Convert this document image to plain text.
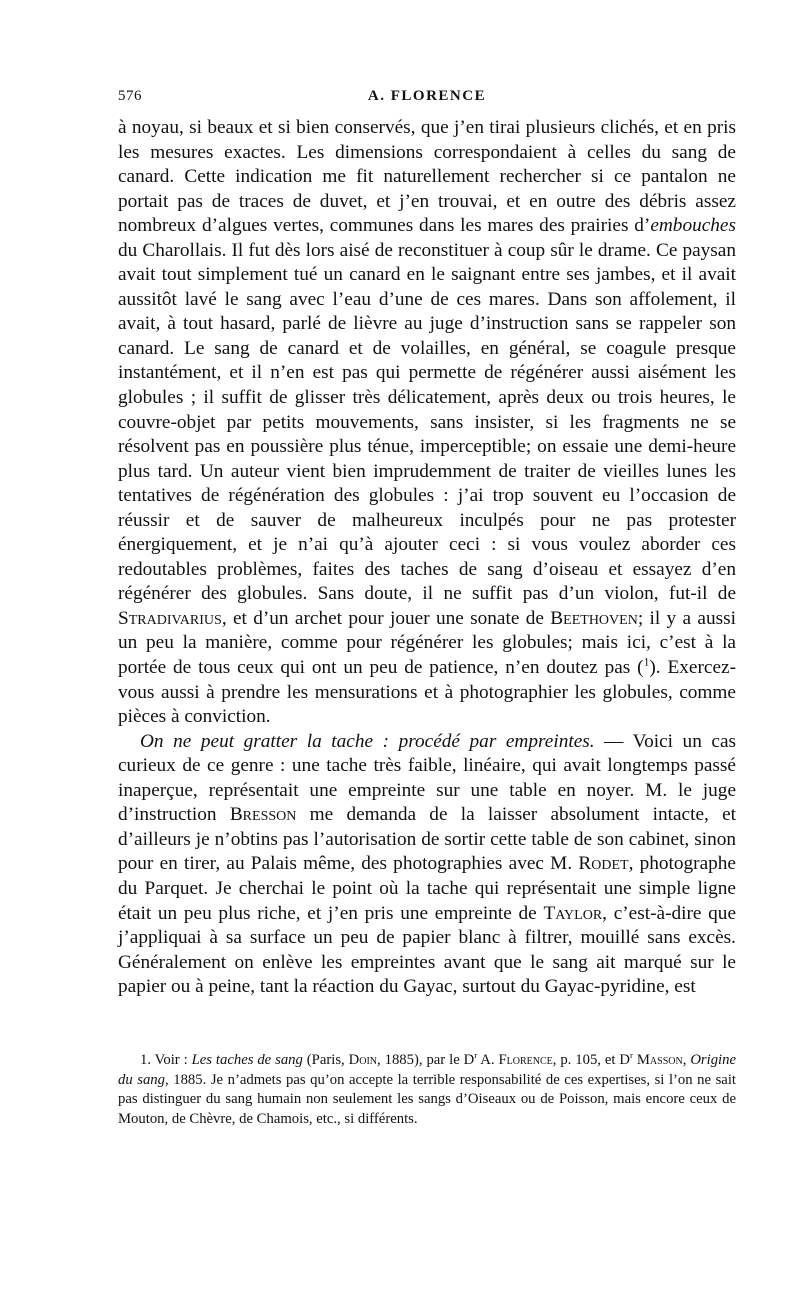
576	A. FLORENCE

à noyau, si beaux et si bien conservés, que j’en tirai plusieurs clichés, et en pris les mesures exactes. Les dimensions correspondaient à celles du sang de canard. Cette indication me fit naturellement rechercher si ce pantalon ne portait pas de traces de duvet, et j’en trouvai, et en outre des débris assez nombreux d’algues vertes, communes dans les mares des prairies d’embouches du Charollais. Il fut dès lors aisé de reconstituer à coup sûr le drame. Ce paysan avait tout simplement tué un canard en le saignant entre ses jambes, et il avait aussitôt lavé le sang avec l’eau d’une de ces mares. Dans son affolement, il avait, à tout hasard, parlé de lièvre au juge d’instruction sans se rappeler son canard. Le sang de canard et de volailles, en général, se coagule presque instantément, et il n’en est pas qui permette de régénérer aussi aisément les globules ; il suffit de glisser très délicatement, après deux ou trois heures, le couvre-objet par petits mouvements, sans insister, si les fragments ne se résolvent pas en poussière plus ténue, imperceptible; on essaie une demi-heure plus tard. Un auteur vient bien imprudemment de traiter de vieilles lunes les tentatives de régénération des globules : j’ai trop souvent eu l’occasion de réussir et de sauver de malheureux inculpés pour ne pas protester énergiquement, et je n’ai qu’à ajouter ceci : si vous voulez aborder ces redoutables problèmes, faites des taches de sang d’oiseau et essayez d’en régénérer des globules. Sans doute, il ne suffit pas d’un violon, fut-il de Stradivarius, et d’un archet pour jouer une sonate de Beethoven; il y a aussi un peu la manière, comme pour régénérer les globules; mais ici, c’est à la portée de tous ceux qui ont un peu de patience, n’en doutez pas ($^1$). Exercez-vous aussi à prendre les mensurations et à photographier les globules, comme pièces à conviction.

On ne peut gratter la tache : procédé par empreintes. — Voici un cas curieux de ce genre : une tache très faible, linéaire, qui avait longtemps passé inaperçue, représentait une empreinte sur une table en noyer. M. le juge d’instruction Bresson me demanda de la laisser absolument intacte, et d’ailleurs je n’obtins pas l’autorisation de sortir cette table de son cabinet, sinon pour en tirer, au Palais même, des photographies avec M. Rodet, photographe du Parquet. Je cherchai le point où la tache qui représentait une simple ligne était un peu plus riche, et j’en pris une empreinte de Taylor, c’est-à-dire que j’appliquai à sa surface un peu de papier blanc à filtrer, mouillé sans excès. Généralement on enlève les empreintes avant que le sang ait marqué sur le papier ou à peine, tant la réaction du Gayac, surtout du Gayac-pyridine, est

1. Voir : Les taches de sang (Paris, Doin, 1885), par le $D^r$ A. Florence, p. 105, et $D^r$ Masson, Origine du sang, 1885. Je n’admets pas qu’on accepte la terrible responsabilité de ces expertises, si l’on ne sait pas distinguer du sang humain non seulement les sangs d’Oiseaux ou de Poisson, mais encore ceux de Mouton, de Chèvre, de Chamois, etc., si différents.
